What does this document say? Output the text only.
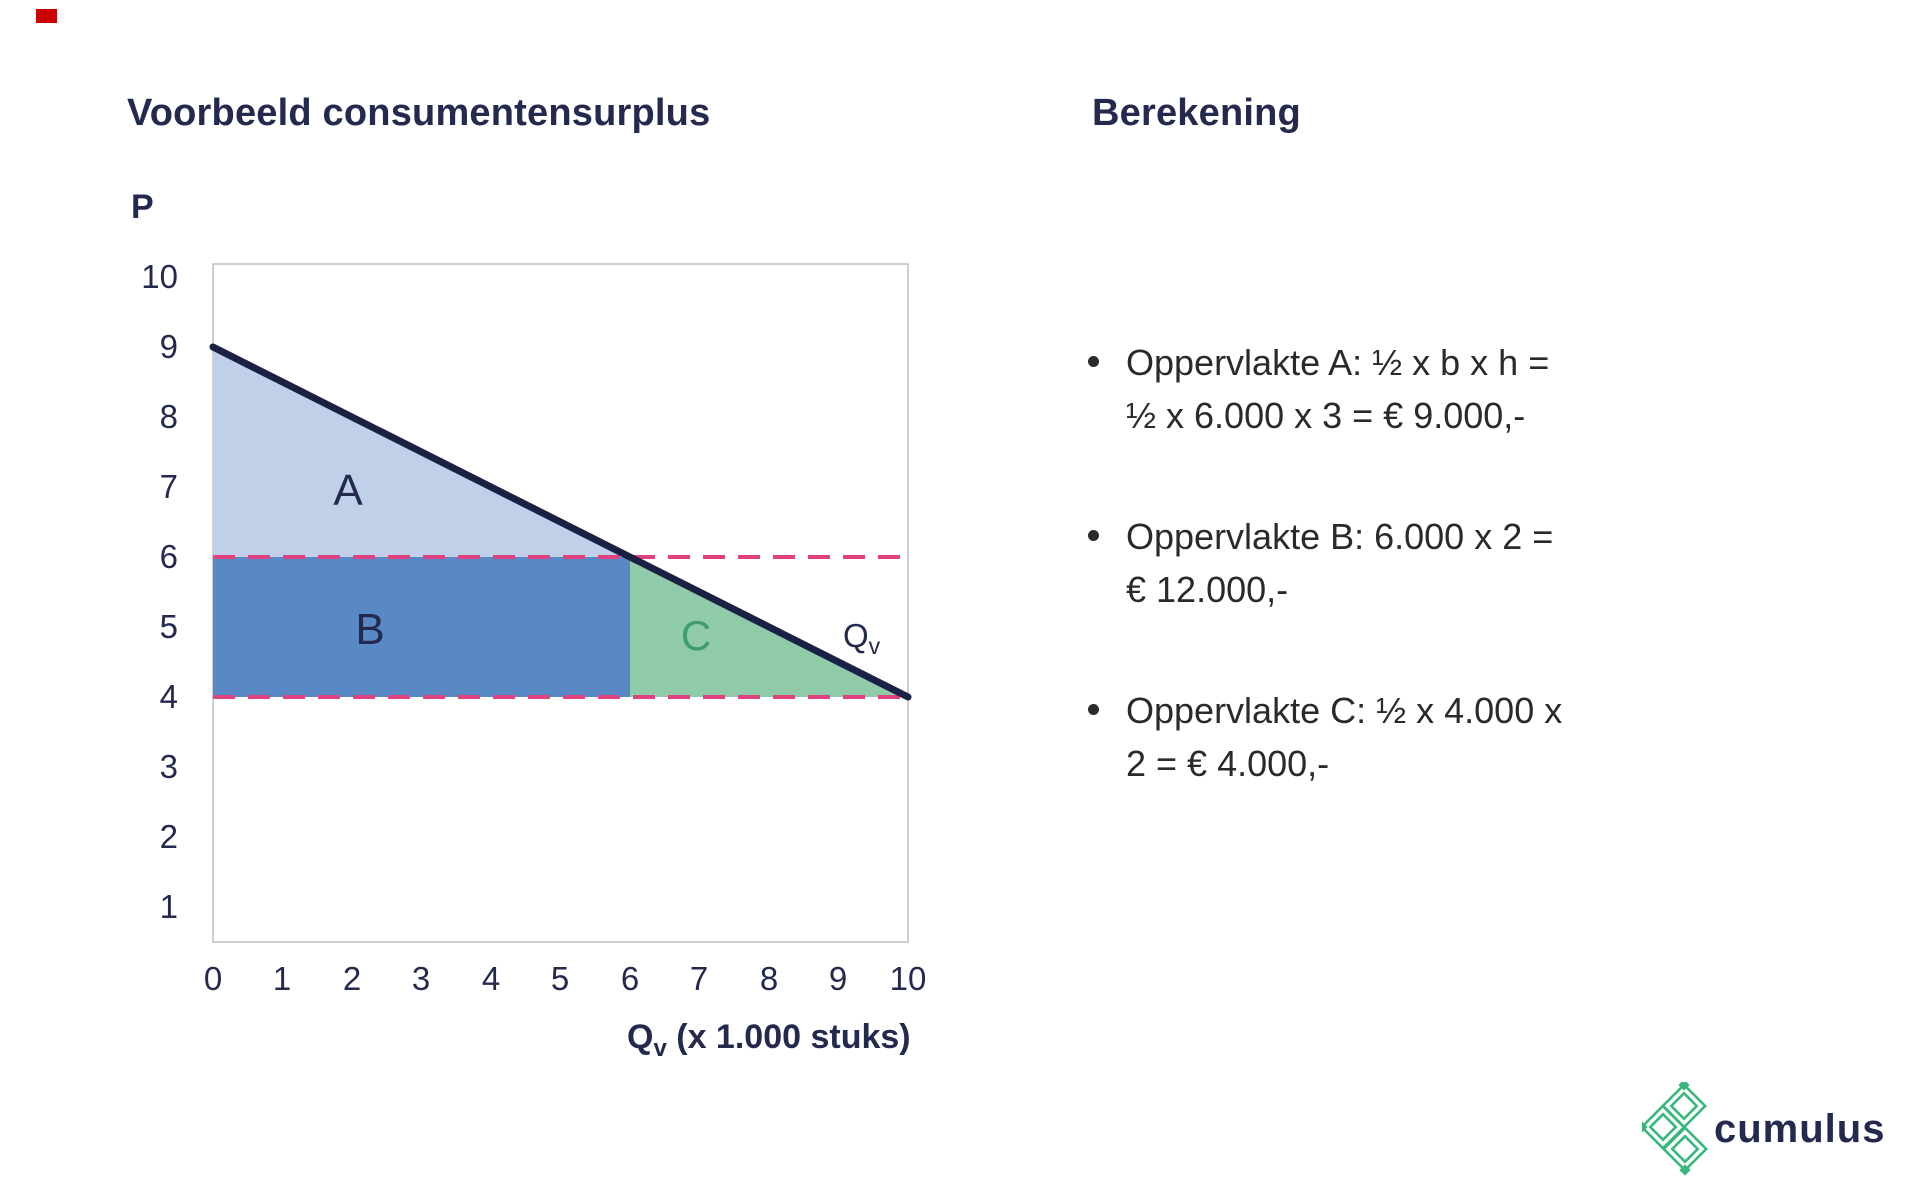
Voorbeeld consumentensurplus	Berekening
P
10
9
8
7
6
5
4
3
2
1
0 1 2 3 4 5 6 7 8 9 10
A
B	C	$Q_v$
$Q_v$ (x 1.000 stuks)
Oppervlakte A: ½ x b x h =
½ x 6.000 x 3 = € 9.000,-
Oppervlakte B: 6.000 x 2 =
€ 12.000,-
Oppervlakte C: ½ x 4.000 x
2 = € 4.000,-
cumulus
